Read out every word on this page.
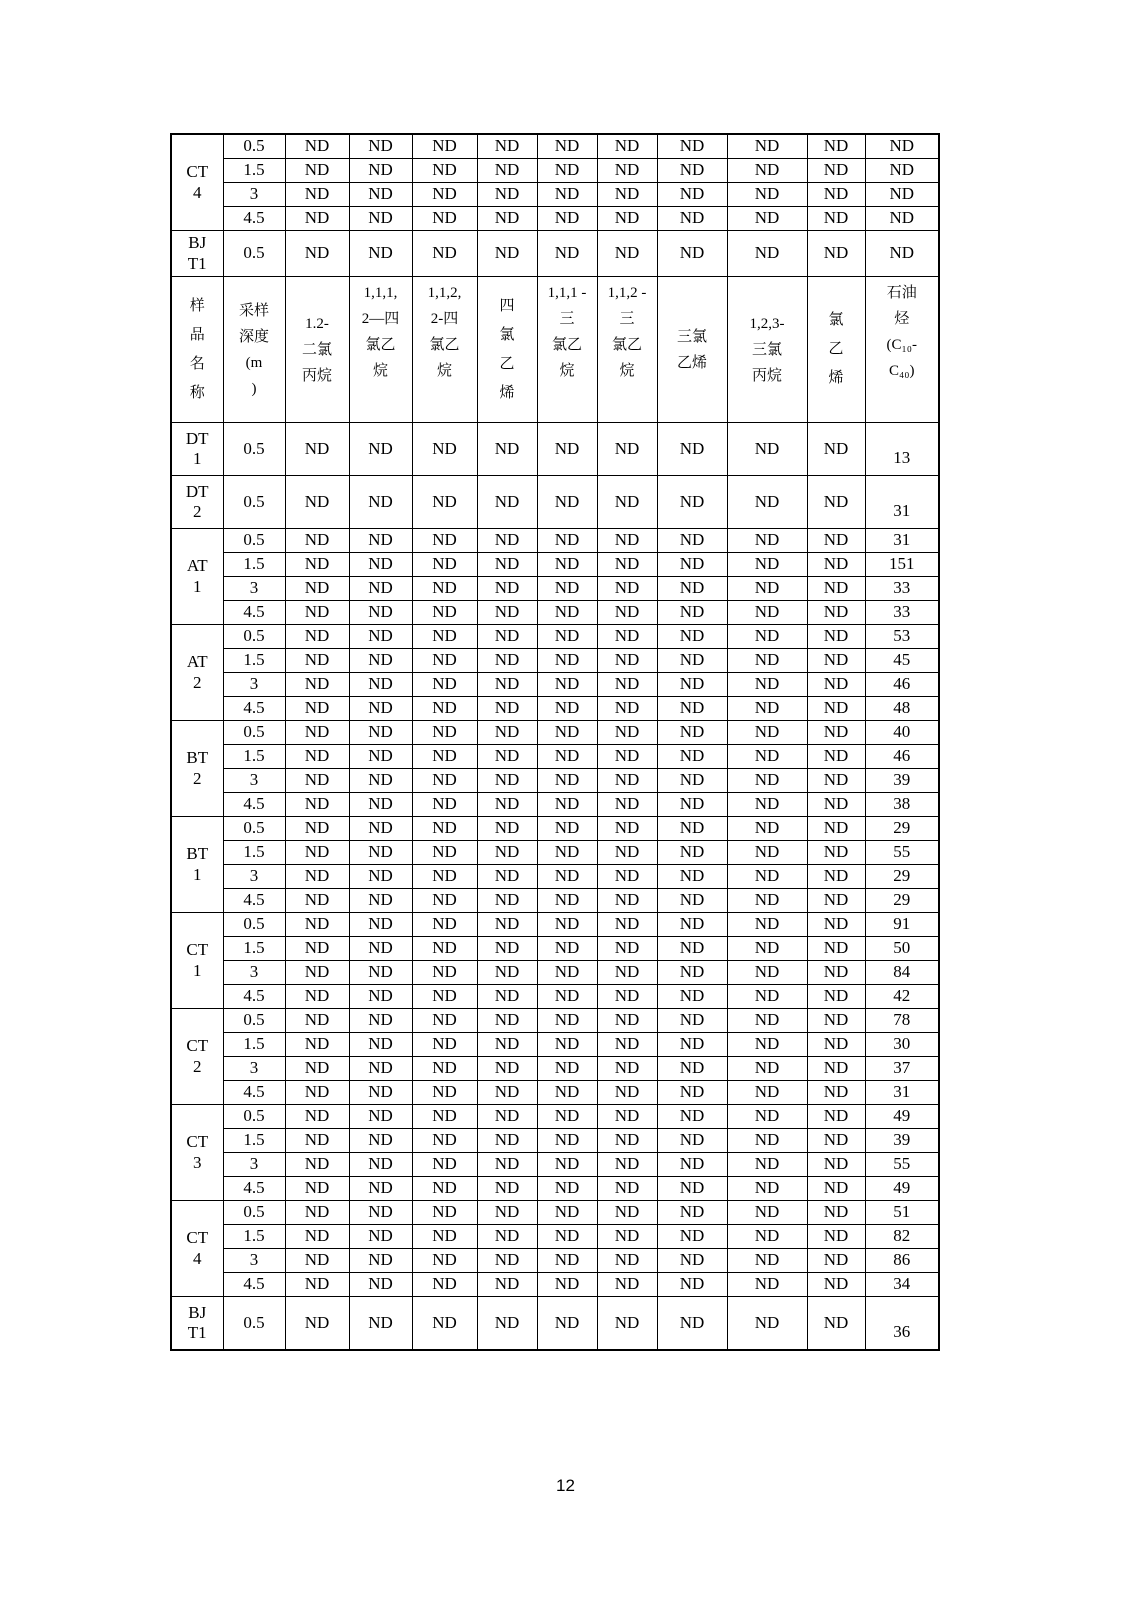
CT
4	0.5	ND	ND	ND	ND	ND	ND	ND	ND	ND	ND
	1.5	ND	ND	ND	ND	ND	ND	ND	ND	ND	ND
	3	ND	ND	ND	ND	ND	ND	ND	ND	ND	ND
	4.5	ND	ND	ND	ND	ND	ND	ND	ND	ND	ND
BJ
T1	0.5	ND	ND	ND	ND	ND	ND	ND	ND	ND	ND
样
品
名
称	采样
深度
(m
)	1.2-
二氯
丙烷	1,1,1,
2—四
氯乙
烷	1,1,2,
2-四
氯乙
烷	四
氯
乙
烯	1,1,1 -
三
氯乙
烷	1,1,2 -
三
氯乙
烷	三氯
乙烯	1,2,3-
三氯
丙烷	氯
乙
烯	石油
烃
(C₁₀-
C₄₀)
DT
1	0.5	ND	ND	ND	ND	ND	ND	ND	ND	ND	13
DT
2	0.5	ND	ND	ND	ND	ND	ND	ND	ND	ND	31
AT
1	0.5	ND	ND	ND	ND	ND	ND	ND	ND	ND	31
	1.5	ND	ND	ND	ND	ND	ND	ND	ND	ND	151
	3	ND	ND	ND	ND	ND	ND	ND	ND	ND	33
	4.5	ND	ND	ND	ND	ND	ND	ND	ND	ND	33
AT
2	0.5	ND	ND	ND	ND	ND	ND	ND	ND	ND	53
	1.5	ND	ND	ND	ND	ND	ND	ND	ND	ND	45
	3	ND	ND	ND	ND	ND	ND	ND	ND	ND	46
	4.5	ND	ND	ND	ND	ND	ND	ND	ND	ND	48
BT
2	0.5	ND	ND	ND	ND	ND	ND	ND	ND	ND	40
	1.5	ND	ND	ND	ND	ND	ND	ND	ND	ND	46
	3	ND	ND	ND	ND	ND	ND	ND	ND	ND	39
	4.5	ND	ND	ND	ND	ND	ND	ND	ND	ND	38
BT
1	0.5	ND	ND	ND	ND	ND	ND	ND	ND	ND	29
	1.5	ND	ND	ND	ND	ND	ND	ND	ND	ND	55
	3	ND	ND	ND	ND	ND	ND	ND	ND	ND	29
	4.5	ND	ND	ND	ND	ND	ND	ND	ND	ND	29
CT
1	0.5	ND	ND	ND	ND	ND	ND	ND	ND	ND	91
	1.5	ND	ND	ND	ND	ND	ND	ND	ND	ND	50
	3	ND	ND	ND	ND	ND	ND	ND	ND	ND	84
	4.5	ND	ND	ND	ND	ND	ND	ND	ND	ND	42
CT
2	0.5	ND	ND	ND	ND	ND	ND	ND	ND	ND	78
	1.5	ND	ND	ND	ND	ND	ND	ND	ND	ND	30
	3	ND	ND	ND	ND	ND	ND	ND	ND	ND	37
	4.5	ND	ND	ND	ND	ND	ND	ND	ND	ND	31
CT
3	0.5	ND	ND	ND	ND	ND	ND	ND	ND	ND	49
	1.5	ND	ND	ND	ND	ND	ND	ND	ND	ND	39
	3	ND	ND	ND	ND	ND	ND	ND	ND	ND	55
	4.5	ND	ND	ND	ND	ND	ND	ND	ND	ND	49
CT
4	0.5	ND	ND	ND	ND	ND	ND	ND	ND	ND	51
	1.5	ND	ND	ND	ND	ND	ND	ND	ND	ND	82
	3	ND	ND	ND	ND	ND	ND	ND	ND	ND	86
	4.5	ND	ND	ND	ND	ND	ND	ND	ND	ND	34
BJ
T1	0.5	ND	ND	ND	ND	ND	ND	ND	ND	ND	36
12
